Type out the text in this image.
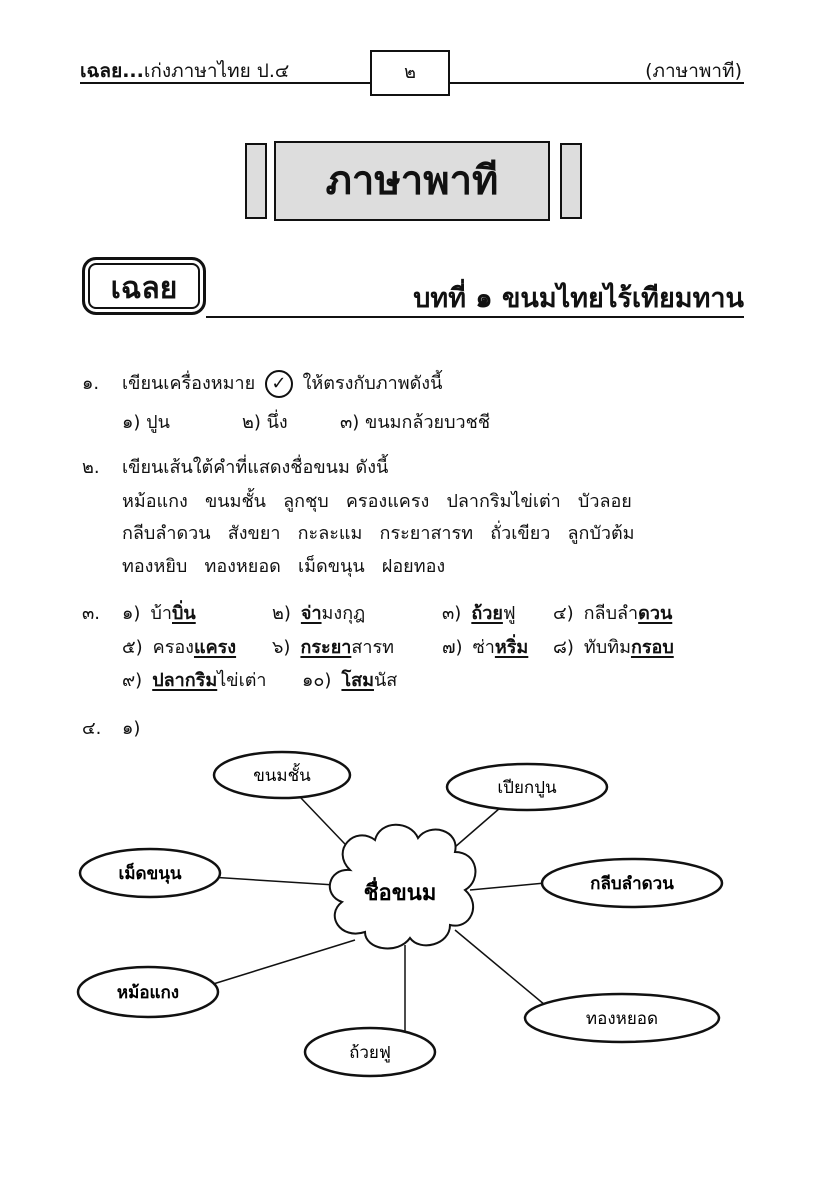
เฉลย...เก่งภาษาไทย ป.๔	๒	(ภาษาพาที)
ภาษาพาที
เฉลย	บทที่ ๑ ขนมไทยไร้เทียมทาน
๑. เขียนเครื่องหมาย ✓ ให้ตรงกับภาพดังนี้
๑) ปูน	๒) นึ่ง	๓) ขนมกล้วยบวชชี
๒. เขียนเส้นใต้คำที่แสดงชื่อขนม ดังนี้
หม้อแกง   ขนมชั้น   ลูกชุบ   ครองแครง   ปลากริมไข่เต่า   บัวลอย
กลีบลำดวน   สังขยา   กะละแม   กระยาสารท   ถั่วเขียว   ลูกบัวต้ม
ทองหยิบ   ทองหยอด   เม็ดขนุน   ฝอยทอง
๓. ๑) บ้าบิ่น	๒) จ่ามงกุฎ	๓) ถ้วยฟู ๔) กลีบลำดวน
๕) ครองแครง ๖) กระยาสารท	๗) ซ่าหริ่ม ๘) ทับทิมกรอบ
๙) ปลากริมไข่เต่า ๑๐) โสมนัส
๔. ๑)
ชื่อขนม
ขนมชั้น
เปียกปูน
เม็ดขนุน	กลีบลำดวน
หม้อแกง
ทองหยอด
ถ้วยฟู
